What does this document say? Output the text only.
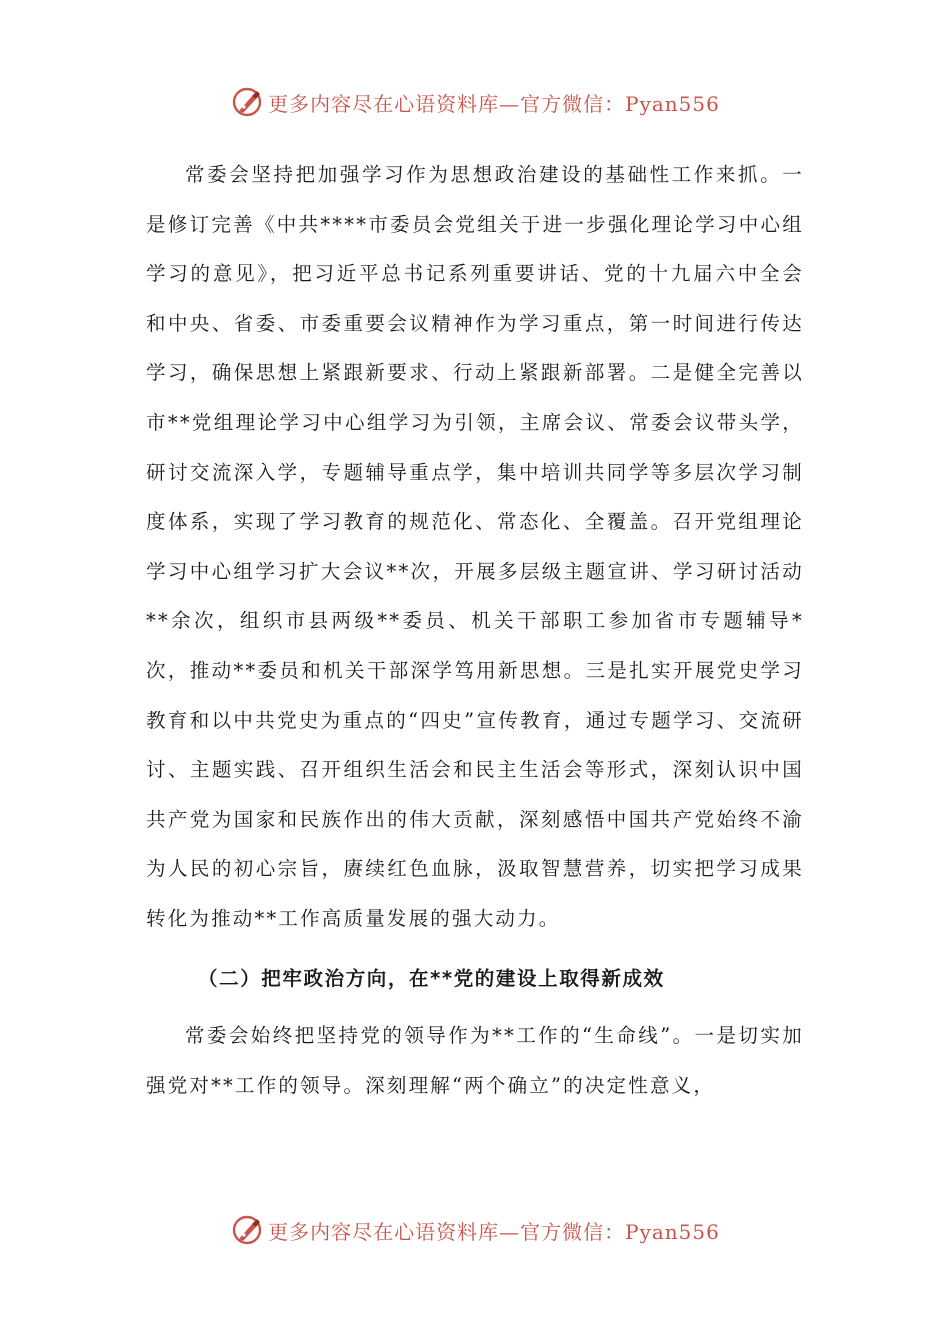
更多内容尽在心语资料库—官方微信：Pyan556

常委会坚持把加强学习作为思想政治建设的基础性工作来抓。一是修订完善《中共****市委员会党组关于进一步强化理论学习中心组学习的意见》，把习近平总书记系列重要讲话、党的十九届六中全会和中央、省委、市委重要会议精神作为学习重点，第一时间进行传达学习，确保思想上紧跟新要求、行动上紧跟新部署。二是健全完善以市**党组理论学习中心组学习为引领，主席会议、常委会议带头学，研讨交流深入学，专题辅导重点学，集中培训共同学等多层次学习制度体系，实现了学习教育的规范化、常态化、全覆盖。召开党组理论学习中心组学习扩大会议**次，开展多层级主题宣讲、学习研讨活动**余次，组织市县两级**委员、机关干部职工参加省市专题辅导*次，推动**委员和机关干部深学笃用新思想。三是扎实开展党史学习教育和以中共党史为重点的“四史”宣传教育，通过专题学习、交流研讨、主题实践、召开组织生活会和民主生活会等形式，深刻认识中国共产党为国家和民族作出的伟大贡献，深刻感悟中国共产党始终不渝为人民的初心宗旨，赓续红色血脉，汲取智慧营养，切实把学习成果转化为推动**工作高质量发展的强大动力。

（二）把牢政治方向，在**党的建设上取得新成效

常委会始终把坚持党的领导作为**工作的“生命线”。一是切实加强党对**工作的领导。深刻理解“两个确立”的决定性意义，

更多内容尽在心语资料库—官方微信：Pyan556
